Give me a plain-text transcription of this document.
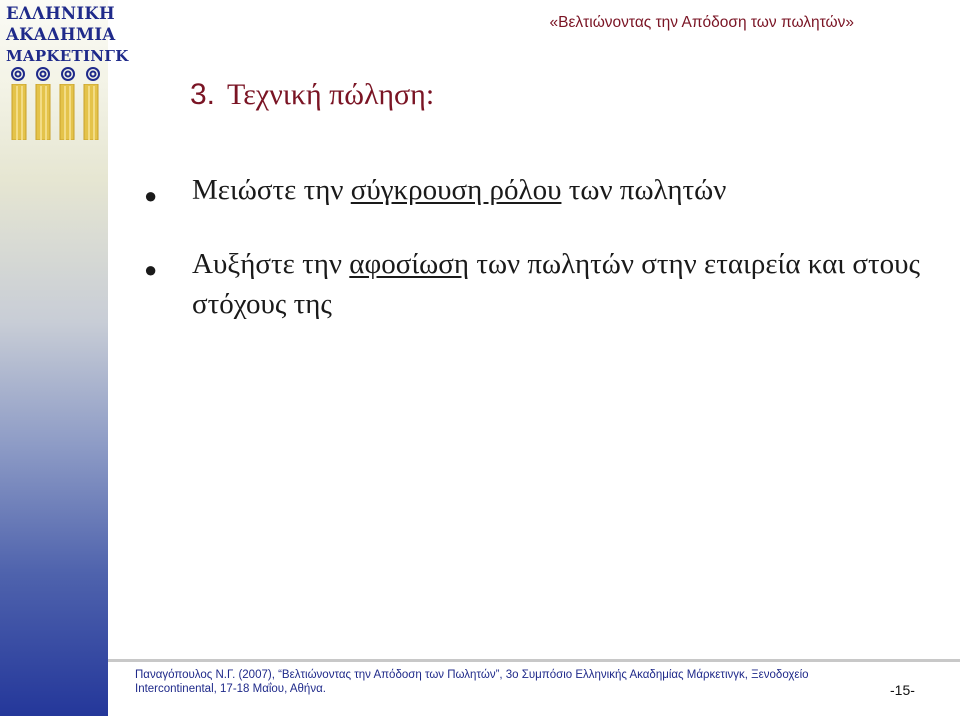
ΕΛΛΗΝΙΚΗ
ΑΚΑΔΗΜΙΑ
ΜΑΡΚΕΤΙΝΓΚ
«Βελτιώνοντας την Απόδοση των πωλητών»
3. Τεχνική πώληση:
● Μειώστε την σύγκρουση ρόλου των πωλητών
● Αυξήστε την αφοσίωση των πωλητών στην εταιρεία και στους στόχους της
Παναγόπουλος Ν.Γ. (2007), “Βελτιώνοντας την Απόδοση των Πωλητών”, 3ο Συμπόσιο Ελληνικής Ακαδημίας Μάρκετινγκ, Ξενοδοχείο Intercontinental, 17-18 Μαΐου, Αθήνα.	-15-
